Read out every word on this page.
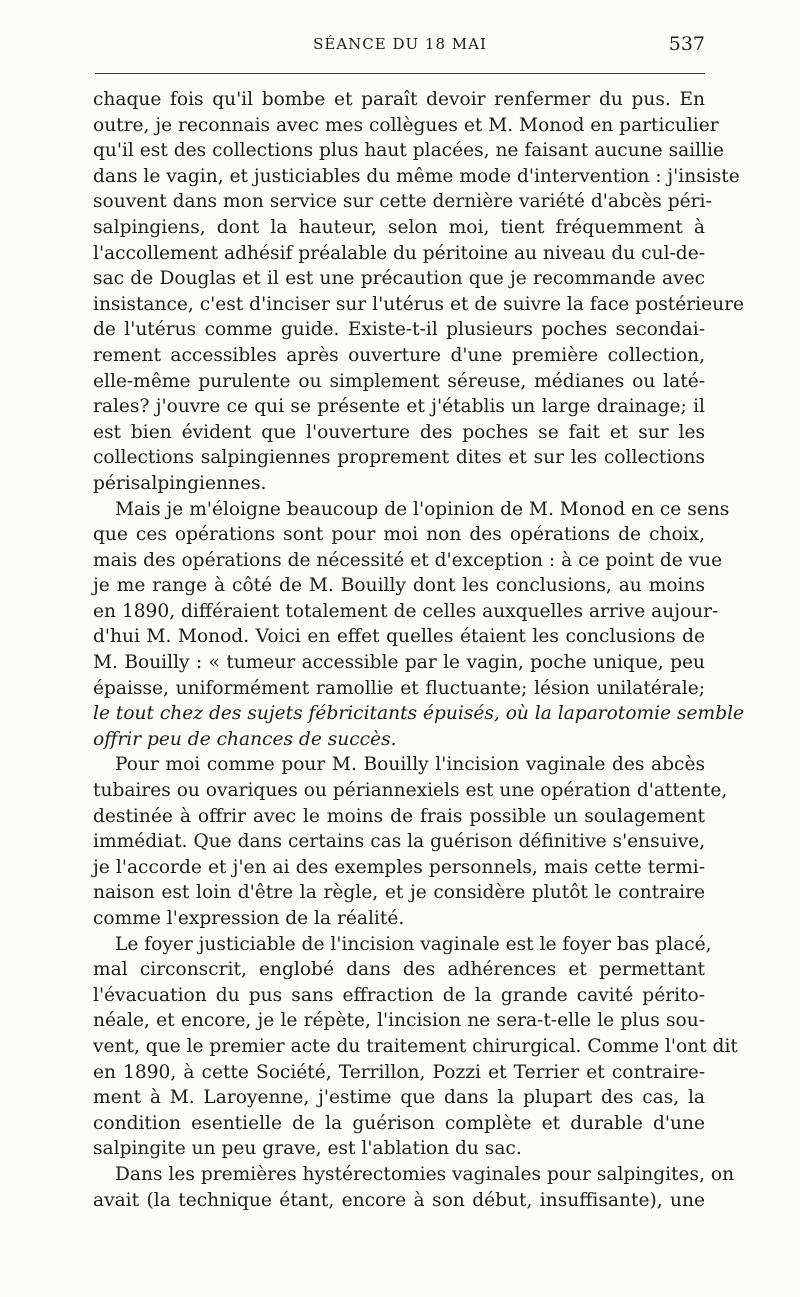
SÉANCE DU 18 MAI	537
chaque fois qu'il bombe et paraît devoir renfermer du pus. En
outre, je reconnais avec mes collègues et M. Monod en particulier
qu'il est des collections plus haut placées, ne faisant aucune saillie
dans le vagin, et justiciables du même mode d'intervention : j'insiste
souvent dans mon service sur cette dernière variété d'abcès péri-
salpingiens, dont la hauteur, selon moi, tient fréquemment à
l'accollement adhésif préalable du péritoine au niveau du cul-de-
sac de Douglas et il est une précaution que je recommande avec
insistance, c'est d'inciser sur l'utérus et de suivre la face postérieure
de l'utérus comme guide. Existe-t-il plusieurs poches secondai-
rement accessibles après ouverture d'une première collection,
elle-même purulente ou simplement séreuse, médianes ou laté-
rales? j'ouvre ce qui se présente et j'établis un large drainage; il
est bien évident que l'ouverture des poches se fait et sur les
collections salpingiennes proprement dites et sur les collections
périsalpingiennes.
Mais je m'éloigne beaucoup de l'opinion de M. Monod en ce sens
que ces opérations sont pour moi non des opérations de choix,
mais des opérations de nécessité et d'exception : à ce point de vue
je me range à côté de M. Bouilly dont les conclusions, au moins
en 1890, différaient totalement de celles auxquelles arrive aujour-
d'hui M. Monod. Voici en effet quelles étaient les conclusions de
M. Bouilly : « tumeur accessible par le vagin, poche unique, peu
épaisse, uniformément ramollie et fluctuante; lésion unilatérale;
le tout chez des sujets fébricitants épuisés, où la laparotomie semble
offrir peu de chances de succès.
Pour moi comme pour M. Bouilly l'incision vaginale des abcès
tubaires ou ovariques ou périannexiels est une opération d'attente,
destinée à offrir avec le moins de frais possible un soulagement
immédiat. Que dans certains cas la guérison définitive s'ensuive,
je l'accorde et j'en ai des exemples personnels, mais cette termi-
naison est loin d'être la règle, et je considère plutôt le contraire
comme l'expression de la réalité.
Le foyer justiciable de l'incision vaginale est le foyer bas placé,
mal circonscrit, englobé dans des adhérences et permettant
l'évacuation du pus sans effraction de la grande cavité périto-
néale, et encore, je le répète, l'incision ne sera-t-elle le plus sou-
vent, que le premier acte du traitement chirurgical. Comme l'ont dit
en 1890, à cette Société, Terrillon, Pozzi et Terrier et contraire-
ment à M. Laroyenne, j'estime que dans la plupart des cas, la
condition esentielle de la guérison complète et durable d'une
salpingite un peu grave, est l'ablation du sac.
Dans les premières hystérectomies vaginales pour salpingites, on
avait (la technique étant, encore à son début, insuffisante), une
